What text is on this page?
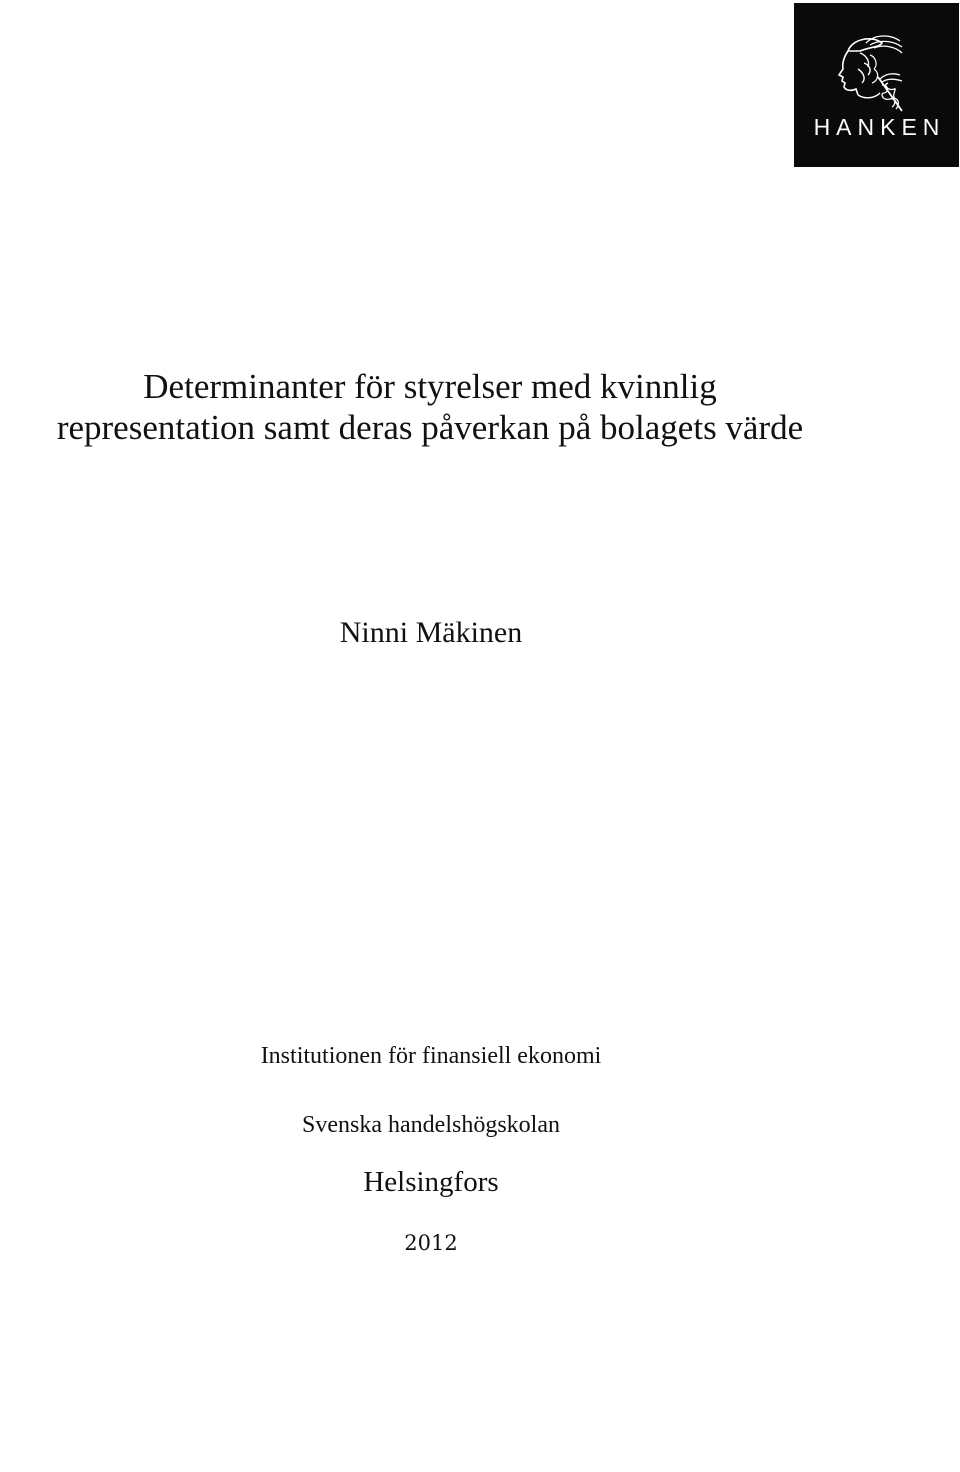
HANKEN
Determinanter för styrelser med kvinnlig representation samt deras påverkan på bolagets värde
Ninni Mäkinen
Institutionen för finansiell ekonomi
Svenska handelshögskolan
Helsingfors
2012
